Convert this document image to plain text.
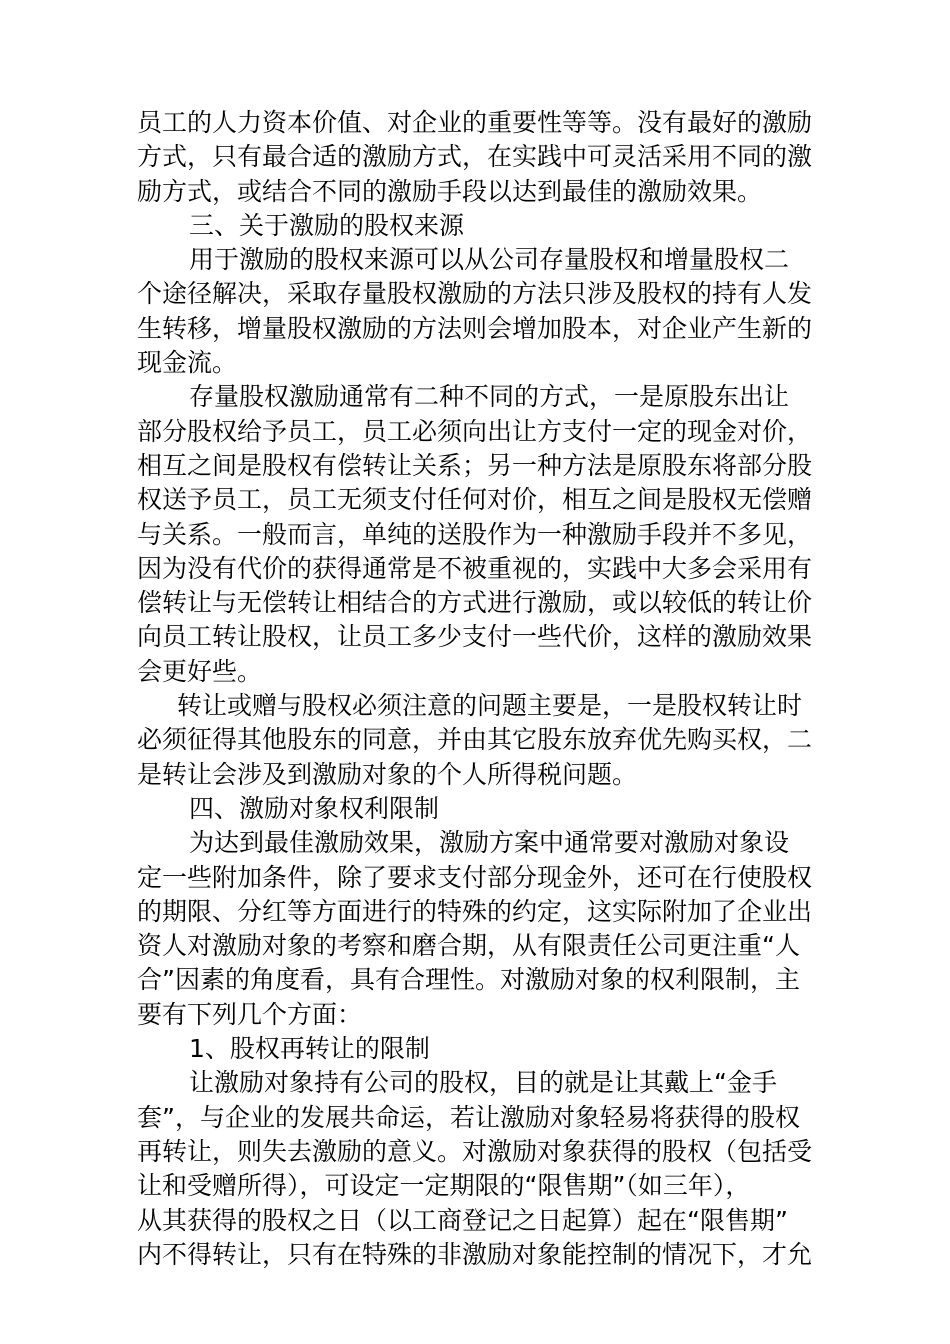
员工的人力资本价值、对企业的重要性等等。没有最好的激励
方式，只有最合适的激励方式，在实践中可灵活采用不同的激
励方式，或结合不同的激励手段以达到最佳的激励效果。
三、关于激励的股权来源
用于激励的股权来源可以从公司存量股权和增量股权二
个途径解决，采取存量股权激励的方法只涉及股权的持有人发
生转移，增量股权激励的方法则会增加股本，对企业产生新的
现金流。
存量股权激励通常有二种不同的方式，一是原股东出让
部分股权给予员工，员工必须向出让方支付一定的现金对价，
相互之间是股权有偿转让关系；另一种方法是原股东将部分股
权送予员工，员工无须支付任何对价，相互之间是股权无偿赠
与关系。一般而言，单纯的送股作为一种激励手段并不多见，
因为没有代价的获得通常是不被重视的，实践中大多会采用有
偿转让与无偿转让相结合的方式进行激励，或以较低的转让价
向员工转让股权，让员工多少支付一些代价，这样的激励效果
会更好些。
转让或赠与股权必须注意的问题主要是，一是股权转让时
必须征得其他股东的同意，并由其它股东放弃优先购买权，二
是转让会涉及到激励对象的个人所得税问题。
四、激励对象权利限制
为达到最佳激励效果，激励方案中通常要对激励对象设
定一些附加条件，除了要求支付部分现金外，还可在行使股权
的期限、分红等方面进行的特殊的约定，这实际附加了企业出
资人对激励对象的考察和磨合期，从有限责任公司更注重“人
合”因素的角度看，具有合理性。对激励对象的权利限制，主
要有下列几个方面：
1、股权再转让的限制
让激励对象持有公司的股权，目的就是让其戴上“金手
套”，与企业的发展共命运，若让激励对象轻易将获得的股权
再转让，则失去激励的意义。对激励对象获得的股权（包括受
让和受赠所得），可设定一定期限的“限售期”（如三年），
从其获得的股权之日（以工商登记之日起算）起在“限售期”
内不得转让，只有在特殊的非激励对象能控制的情况下，才允
